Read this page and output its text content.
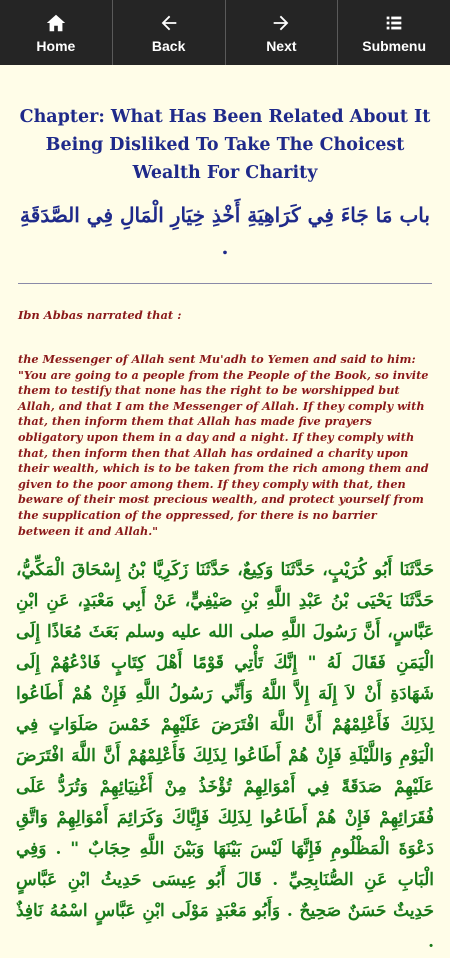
Home	Back	Next	Submenu
Chapter: What Has Been Related About It Being Disliked To Take The Choicest Wealth For Charity
باب مَا جَاءَ فِي كَرَاهِيَةِ أَخْذِ خِيَارِ الْمَالِ فِي الصَّدَقَةِ .
Ibn Abbas narrated that :
the Messenger of Allah sent Mu'adh to Yemen and said to him: "You are going to a people from the People of the Book, so invite them to testify that none has the right to be worshipped but Allah, and that I am the Messenger of Allah. If they comply with that, then inform them that Allah has made five prayers obligatory upon them in a day and a night. If they comply with that, then inform then that Allah has ordained a charity upon their wealth, which is to be taken from the rich among them and given to the poor among them. If they comply with that, then beware of their most precious wealth, and protect yourself from the supplication of the oppressed, for there is no barrier between it and Allah."
حَدَّثَنَا أَبُو كُرَيْبٍ، حَدَّثَنَا وَكِيعٌ، حَدَّثَنَا زَكَرِيَّا بْنُ إِسْحَاقَ الْمَكِّيُّ، حَدَّثَنَا يَحْيَى بْنُ عَبْدِ اللَّهِ بْنِ صَيْفِيٍّ، عَنْ أَبِي مَعْبَدٍ، عَنِ ابْنِ عَبَّاسٍ، أَنَّ رَسُولَ اللَّهِ صلى الله عليه وسلم بَعَثَ مُعَاذًا إِلَى الْيَمَنِ فَقَالَ لَهُ " إِنَّكَ تَأْتِي قَوْمًا أَهْلَ كِتَابٍ فَادْعُهُمْ إِلَى شَهَادَةِ أَنْ لاَ إِلَهَ إِلاَّ اللَّهُ وَأَنِّي رَسُولُ اللَّهِ فَإِنْ هُمْ أَطَاعُوا لِذَلِكَ فَأَعْلِمْهُمْ أَنَّ اللَّهَ افْتَرَضَ عَلَيْهِمْ خَمْسَ صَلَوَاتٍ فِي الْيَوْمِ وَاللَّيْلَةِ فَإِنْ هُمْ أَطَاعُوا لِذَلِكَ فَأَعْلِمْهُمْ أَنَّ اللَّهَ افْتَرَضَ عَلَيْهِمْ صَدَقَةً فِي أَمْوَالِهِمْ تُؤْخَذُ مِنْ أَغْنِيَائِهِمْ وَتُرَدُّ عَلَى فُقَرَائِهِمْ فَإِنْ هُمْ أَطَاعُوا لِذَلِكَ فَإِيَّاكَ وَكَرَائِمَ أَمْوَالِهِمْ وَاتَّقِ دَعْوَةَ الْمَظْلُومِ فَإِنَّهَا لَيْسَ بَيْنَهَا وَبَيْنَ اللَّهِ حِجَابٌ " . وَفِي الْبَابِ عَنِ الصُّنَابِحِيِّ . قَالَ أَبُو عِيسَى حَدِيثُ ابْنِ عَبَّاسٍ حَدِيثٌ حَسَنٌ صَحِيحٌ . وَأَبُو مَعْبَدٍ مَوْلَى ابْنِ عَبَّاسٍ اسْمُهُ نَافِذٌ .
